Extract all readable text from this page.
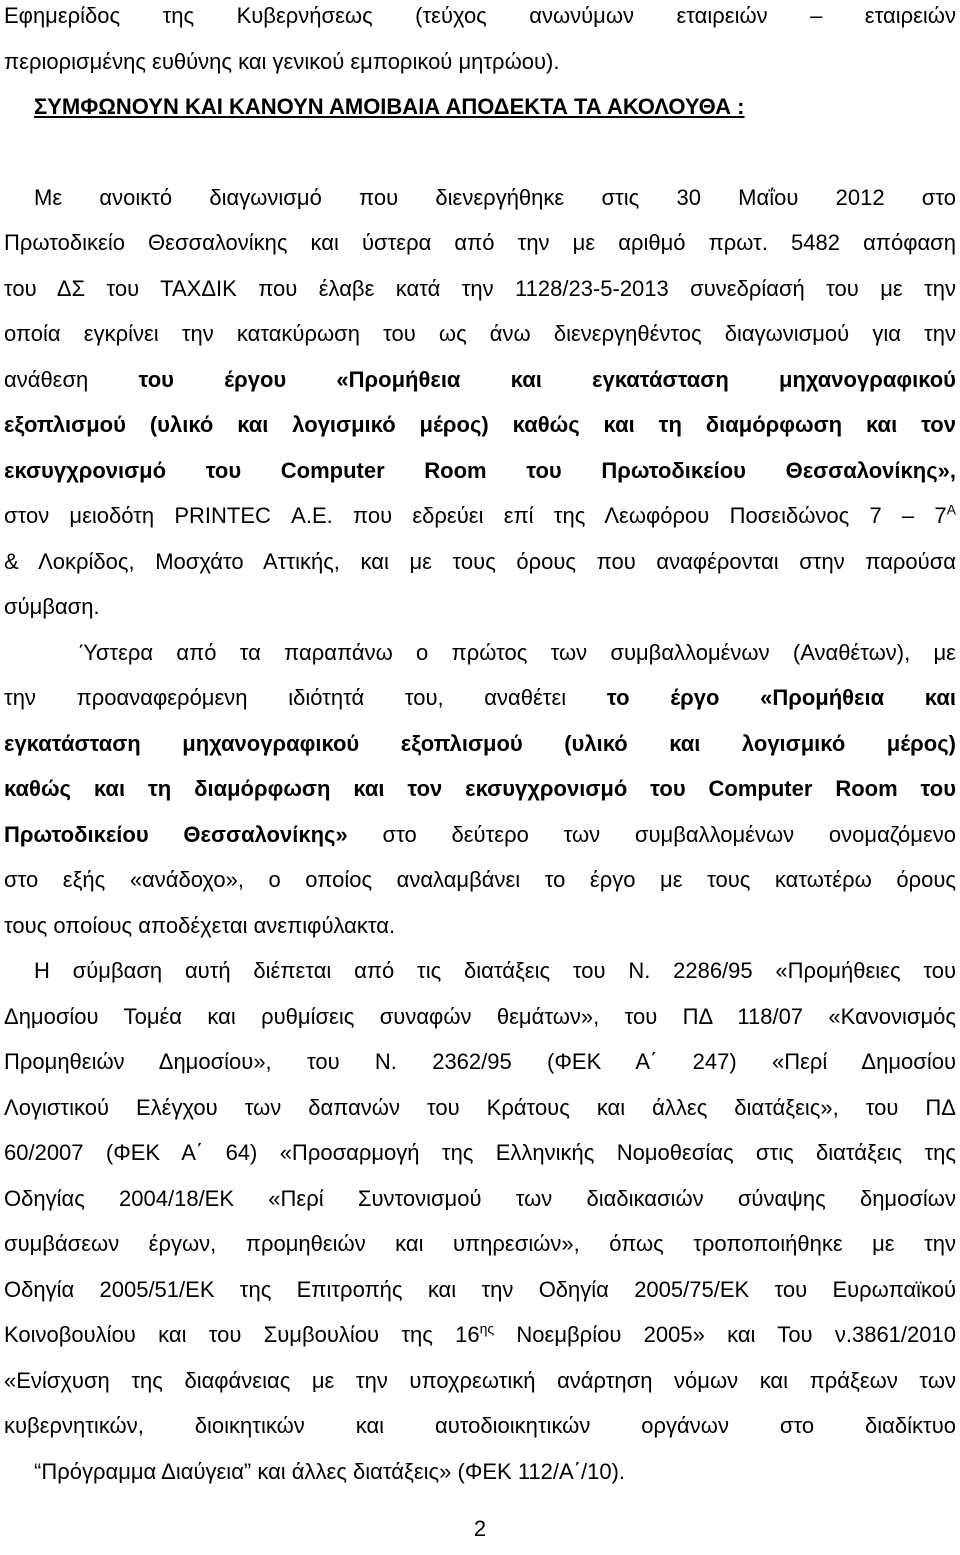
Εφημερίδος της Κυβερνήσεως (τεύχος ανωνύμων εταιρειών – εταιρειών
περιορισμένης ευθύνης και γενικού εμπορικού μητρώου).
ΣΥΜΦΩΝΟΥΝ ΚΑΙ ΚΑΝΟΥΝ ΑΜΟΙΒΑΙΑ ΑΠΟΔΕΚΤΑ ΤΑ ΑΚΟΛΟΥΘΑ :
Με ανοικτό διαγωνισμό που διενεργήθηκε στις 30 Μαΐου 2012 στο
Πρωτοδικείο Θεσσαλονίκης και ύστερα από την με αριθμό πρωτ. 5482 απόφαση
του ΔΣ του ΤΑΧΔΙΚ που έλαβε κατά την 1128/23-5-2013 συνεδρίασή του με την
οποία εγκρίνει την κατακύρωση του ως άνω διενεργηθέντος διαγωνισμού για την
ανάθεση του έργου «Προμήθεια και εγκατάσταση μηχανογραφικού
εξοπλισμού (υλικό και λογισμικό μέρος) καθώς και τη διαμόρφωση και τον
εκσυγχρονισμό του Computer Room του Πρωτοδικείου Θεσσαλονίκης»,
στον μειοδότη PRINTEC Α.Ε. που εδρεύει επί της Λεωφόρου Ποσειδώνος $7 - 7^A$
& Λοκρίδος, Μοσχάτο Αττικής, και με τους όρους που αναφέρονται στην παρούσα
σύμβαση.
Ύστερα από τα παραπάνω ο πρώτος των συμβαλλομένων (Αναθέτων), με
την προαναφερόμενη ιδιότητά του, αναθέτει το έργο «Προμήθεια και
εγκατάσταση μηχανογραφικού εξοπλισμού (υλικό και λογισμικό μέρος)
καθώς και τη διαμόρφωση και τον εκσυγχρονισμό του Computer Room του
Πρωτοδικείου Θεσσαλονίκης» στο δεύτερο των συμβαλλομένων ονομαζόμενο
στο εξής «ανάδοχο», ο οποίος αναλαμβάνει το έργο με τους κατωτέρω όρους
τους οποίους αποδέχεται ανεπιφύλακτα.
Η σύμβαση αυτή διέπεται από τις διατάξεις του Ν. 2286/95 «Προμήθειες του
Δημοσίου Τομέα και ρυθμίσεις συναφών θεμάτων», του ΠΔ 118/07 «Κανονισμός
Προμηθειών Δημοσίου», του Ν. 2362/95 (ΦΕΚ Α΄ 247) «Περί Δημοσίου
Λογιστικού Ελέγχου των δαπανών του Κράτους και άλλες διατάξεις», του ΠΔ
60/2007 (ΦΕΚ Α΄ 64) «Προσαρμογή της Ελληνικής Νομοθεσίας στις διατάξεις της
Οδηγίας 2004/18/ΕΚ «Περί Συντονισμού των διαδικασιών σύναψης δημοσίων
συμβάσεων έργων, προμηθειών και υπηρεσιών», όπως τροποποιήθηκε με την
Οδηγία 2005/51/ΕΚ της Επιτροπής και την Οδηγία 2005/75/ΕΚ του Ευρωπαϊκού
Κοινοβουλίου και του Συμβουλίου της $16^{\eta\varsigma}$ Νοεμβρίου 2005» και Του ν.3861/2010
«Ενίσχυση της διαφάνειας με την υποχρεωτική ανάρτηση νόμων και πράξεων των
κυβερνητικών, διοικητικών και αυτοδιοικητικών οργάνων στο διαδίκτυο
“Πρόγραμμα Διαύγεια” και άλλες διατάξεις» (ΦΕΚ 112/Α΄/10).
2
